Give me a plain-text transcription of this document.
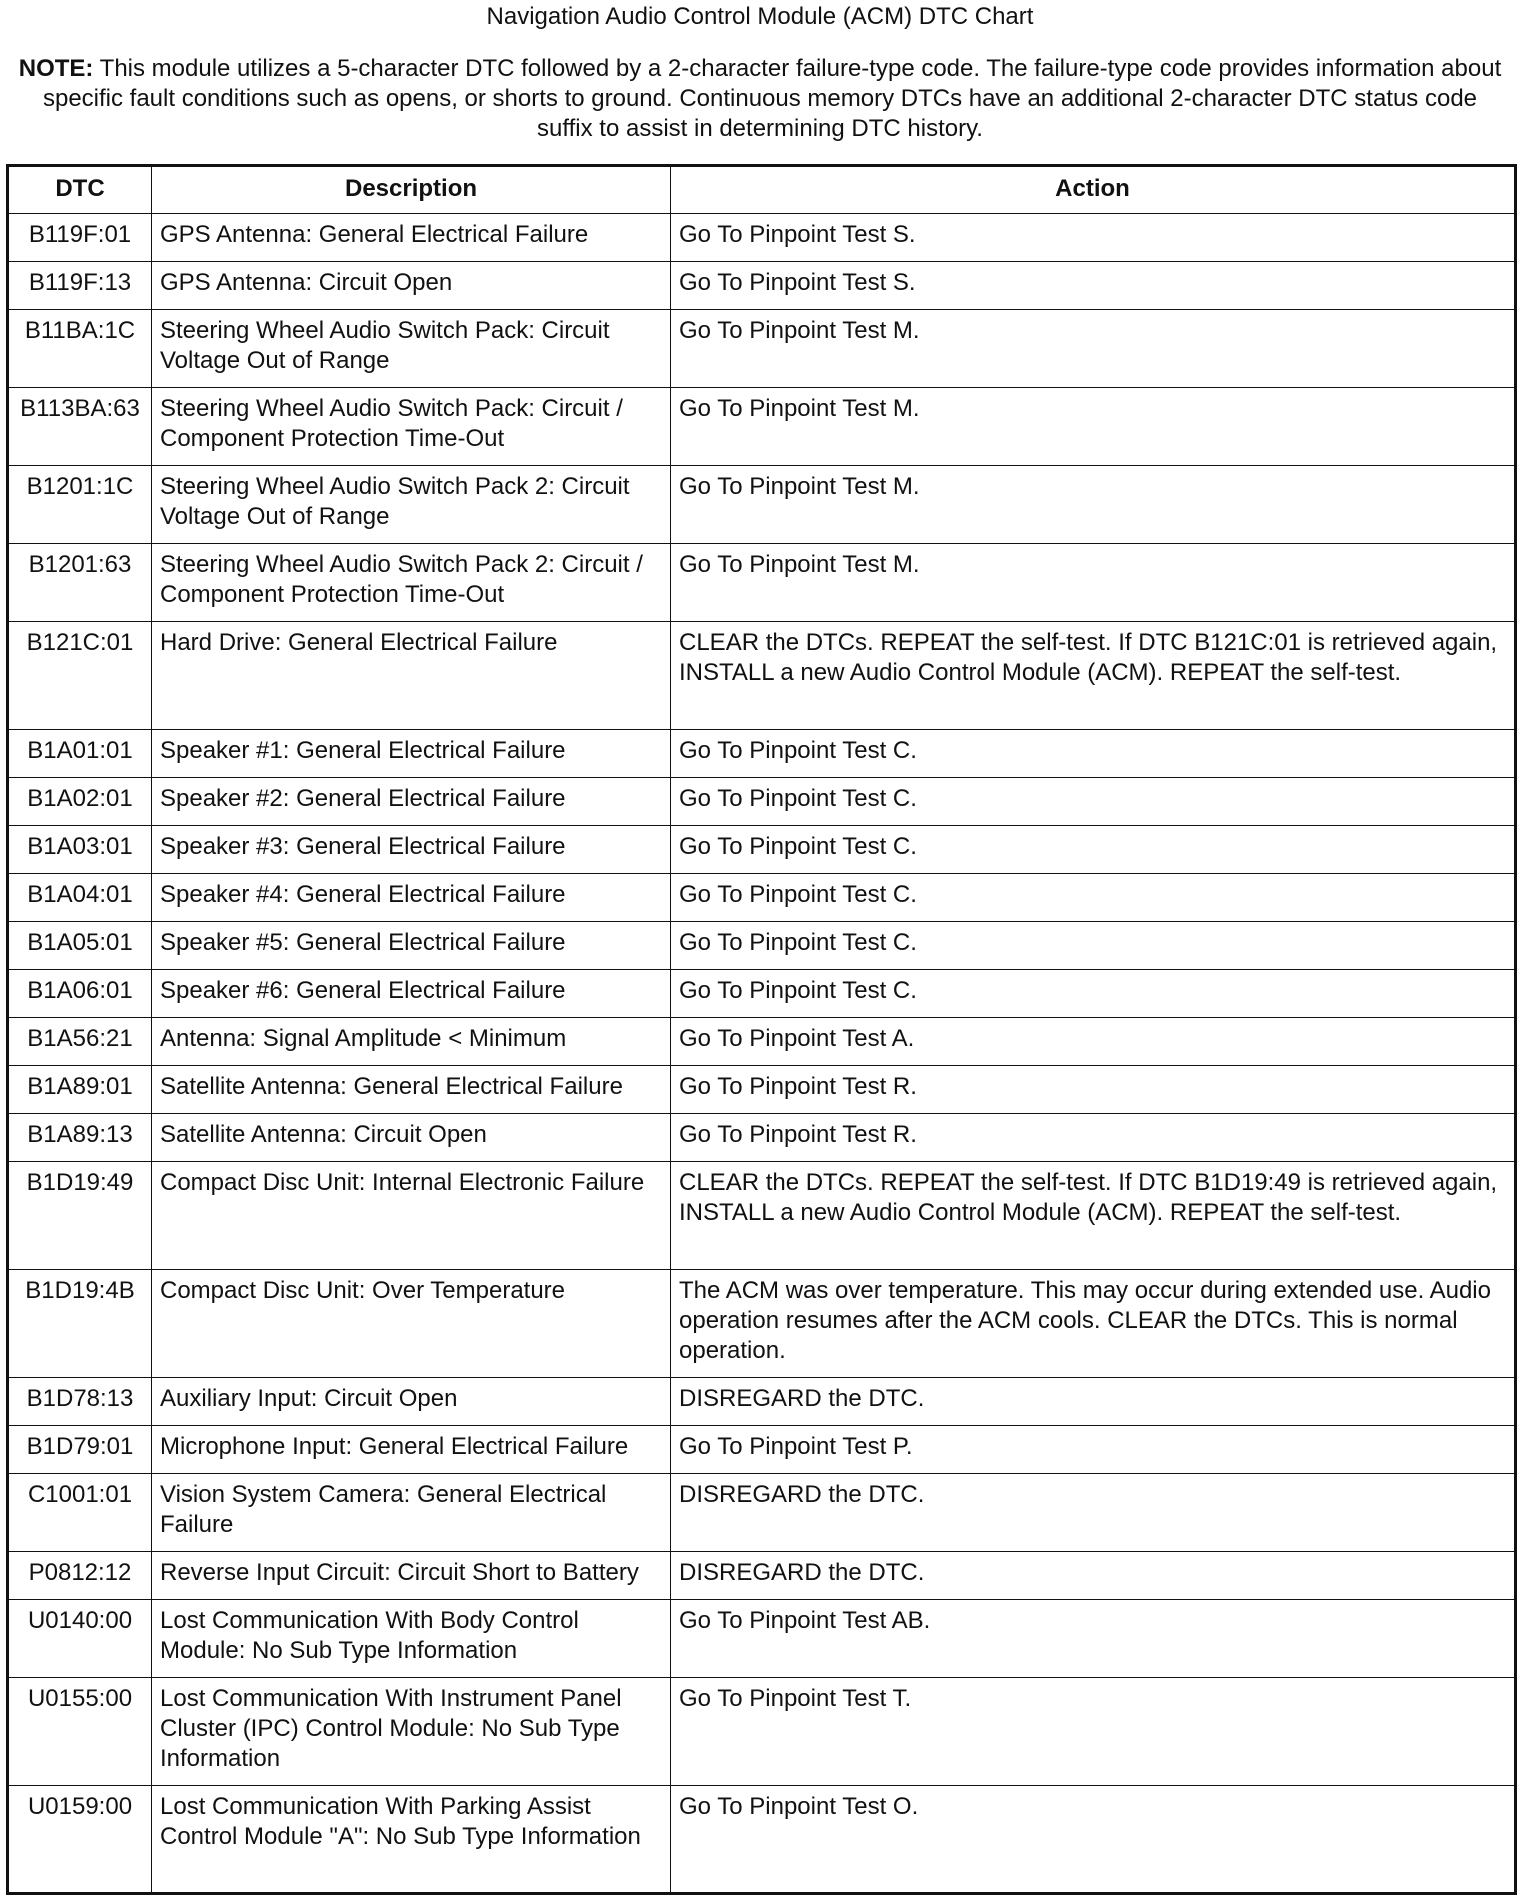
Navigation Audio Control Module (ACM) DTC Chart
NOTE: This module utilizes a 5-character DTC followed by a 2-character failure-type code. The failure-type code provides information about specific fault conditions such as opens, or shorts to ground. Continuous memory DTCs have an additional 2-character DTC status code suffix to assist in determining DTC history.
DTC	Description	Action
B119F:01	GPS Antenna: General Electrical Failure	Go To Pinpoint Test S.
B119F:13	GPS Antenna: Circuit Open	Go To Pinpoint Test S.
B11BA:1C	Steering Wheel Audio Switch Pack: Circuit Voltage Out of Range	Go To Pinpoint Test M.
B113BA:63	Steering Wheel Audio Switch Pack: Circuit / Component Protection Time-Out	Go To Pinpoint Test M.
B1201:1C	Steering Wheel Audio Switch Pack 2: Circuit Voltage Out of Range	Go To Pinpoint Test M.
B1201:63	Steering Wheel Audio Switch Pack 2: Circuit / Component Protection Time-Out	Go To Pinpoint Test M.
B121C:01	Hard Drive: General Electrical Failure	CLEAR the DTCs. REPEAT the self-test. If DTC B121C:01 is retrieved again, INSTALL a new Audio Control Module (ACM). REPEAT the self-test.
B1A01:01	Speaker #1: General Electrical Failure	Go To Pinpoint Test C.
B1A02:01	Speaker #2: General Electrical Failure	Go To Pinpoint Test C.
B1A03:01	Speaker #3: General Electrical Failure	Go To Pinpoint Test C.
B1A04:01	Speaker #4: General Electrical Failure	Go To Pinpoint Test C.
B1A05:01	Speaker #5: General Electrical Failure	Go To Pinpoint Test C.
B1A06:01	Speaker #6: General Electrical Failure	Go To Pinpoint Test C.
B1A56:21	Antenna: Signal Amplitude < Minimum	Go To Pinpoint Test A.
B1A89:01	Satellite Antenna: General Electrical Failure	Go To Pinpoint Test R.
B1A89:13	Satellite Antenna: Circuit Open	Go To Pinpoint Test R.
B1D19:49	Compact Disc Unit: Internal Electronic Failure	CLEAR the DTCs. REPEAT the self-test. If DTC B1D19:49 is retrieved again, INSTALL a new Audio Control Module (ACM). REPEAT the self-test.
B1D19:4B	Compact Disc Unit: Over Temperature	The ACM was over temperature. This may occur during extended use. Audio operation resumes after the ACM cools. CLEAR the DTCs. This is normal operation.
B1D78:13	Auxiliary Input: Circuit Open	DISREGARD the DTC.
B1D79:01	Microphone Input: General Electrical Failure	Go To Pinpoint Test P.
C1001:01	Vision System Camera: General Electrical Failure	DISREGARD the DTC.
P0812:12	Reverse Input Circuit: Circuit Short to Battery	DISREGARD the DTC.
U0140:00	Lost Communication With Body Control Module: No Sub Type Information	Go To Pinpoint Test AB.
U0155:00	Lost Communication With Instrument Panel Cluster (IPC) Control Module: No Sub Type Information	Go To Pinpoint Test T.
U0159:00	Lost Communication With Parking Assist Control Module "A": No Sub Type Information	Go To Pinpoint Test O.
